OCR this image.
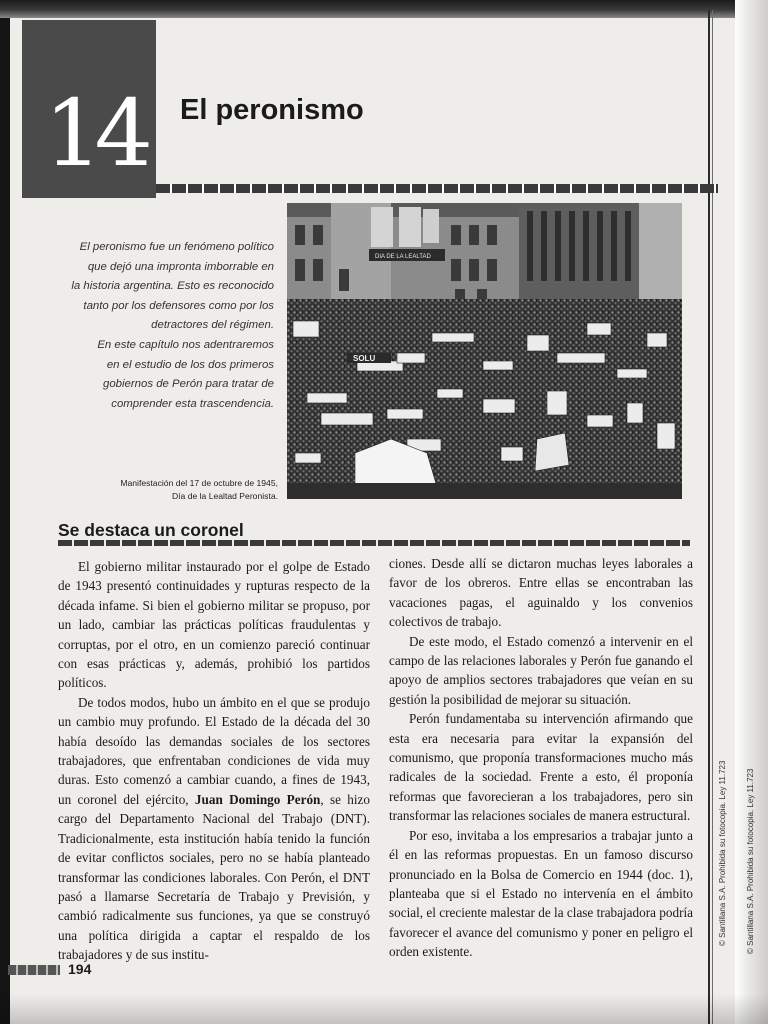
14 El peronismo

El peronismo fue un fenómeno político

que dejó una impronta imborrable en

la historia argentina. Esto es reconocido

tanto por los defensores como por los

detractores del régimen.

En este capítulo nos adentraremos

en el estudio de los dos primeros

gobiernos de Perón para tratar de

comprender esta trascendencia.

DIA DE LA LEALTAD
SOLU
Manifestación del 17 de octubre de 1945,
Día de la Lealtad Peronista.
Se destaca un coronel

El gobierno militar instaurado por el golpe de Estado de 1943 presentó continuidades y rupturas respecto de la década infame. Si bien el gobierno militar se propuso, por un lado, cambiar las prácticas políticas fraudulentas y corruptas, por el otro, en un comienzo pareció continuar con esas prácticas y, además, prohibió los partidos políticos.

De todos modos, hubo un ámbito en el que se produjo un cambio muy profundo. El Estado de la década del 30 había desoído las demandas sociales de los sectores trabajadores, que enfrentaban condiciones de vida muy duras. Esto comenzó a cambiar cuando, a fines de 1943, un coronel del ejército, Juan Domingo Perón, se hizo cargo del Departamento Nacional del Trabajo (DNT). Tradicionalmente, esta institución había tenido la función de evitar conflictos sociales, pero no se había planteado transformar las condiciones laborales. Con Perón, el DNT pasó a llamarse Secretaría de Trabajo y Previsión, y cambió radicalmente sus funciones, ya que se construyó una política dirigida a captar el respaldo de los trabajadores y de sus institu-

ciones. Desde allí se dictaron muchas leyes laborales a favor de los obreros. Entre ellas se encontraban las vacaciones pagas, el aguinaldo y los convenios colectivos de trabajo.

De este modo, el Estado comenzó a intervenir en el campo de las relaciones laborales y Perón fue ganando el apoyo de amplios sectores trabajadores que veían en su gestión la posibilidad de mejorar su situación.

Perón fundamentaba su intervención afirmando que esta era necesaria para evitar la expansión del comunismo, que proponía transformaciones mucho más radicales de la sociedad. Frente a esto, él proponía reformas que favorecieran a los trabajadores, pero sin transformar las relaciones sociales de manera estructural.

Por eso, invitaba a los empresarios a trabajar junto a él en las reformas propuestas. En un famoso discurso pronunciado en la Bolsa de Comercio en 1944 (doc. 1), planteaba que si el Estado no intervenía en el ámbito social, el creciente malestar de la clase trabajadora podría favorecer el avance del comunismo y poner en peligro el orden existente.

© Santillana S.A. Prohibida su fotocopia. Ley 11.723 © Santillana S.A. Prohibida su fotocopia. Ley 11.723
194
